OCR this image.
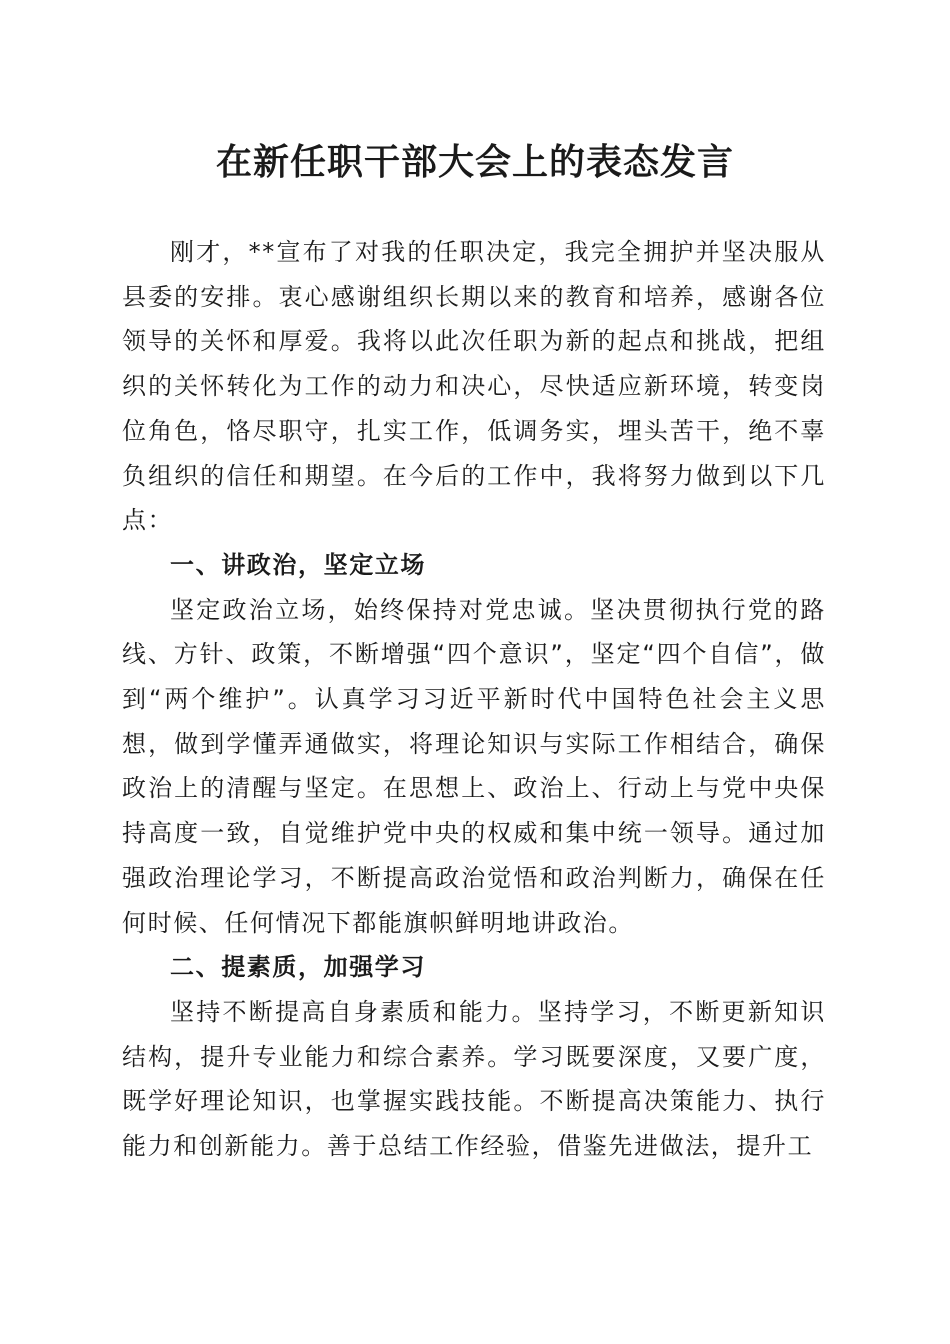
在新任职干部大会上的表态发言

刚才，**宣布了对我的任职决定，我完全拥护并坚决服从县委的安排。衷心感谢组织长期以来的教育和培养，感谢各位领导的关怀和厚爱。我将以此次任职为新的起点和挑战，把组织的关怀转化为工作的动力和决心，尽快适应新环境，转变岗位角色，恪尽职守，扎实工作，低调务实，埋头苦干，绝不辜负组织的信任和期望。在今后的工作中，我将努力做到以下几点：

一、讲政治，坚定立场

坚定政治立场，始终保持对党忠诚。坚决贯彻执行党的路线、方针、政策，不断增强“四个意识”，坚定“四个自信”，做到“两个维护”。认真学习习近平新时代中国特色社会主义思想，做到学懂弄通做实，将理论知识与实际工作相结合，确保政治上的清醒与坚定。在思想上、政治上、行动上与党中央保持高度一致，自觉维护党中央的权威和集中统一领导。通过加强政治理论学习，不断提高政治觉悟和政治判断力，确保在任何时候、任何情况下都能旗帜鲜明地讲政治。

二、提素质，加强学习

坚持不断提高自身素质和能力。坚持学习，不断更新知识结构，提升专业能力和综合素养。学习既要深度，又要广度，既学好理论知识，也掌握实践技能。不断提高决策能力、执行能力和创新能力。善于总结工作经验，借鉴先进做法，提升工
